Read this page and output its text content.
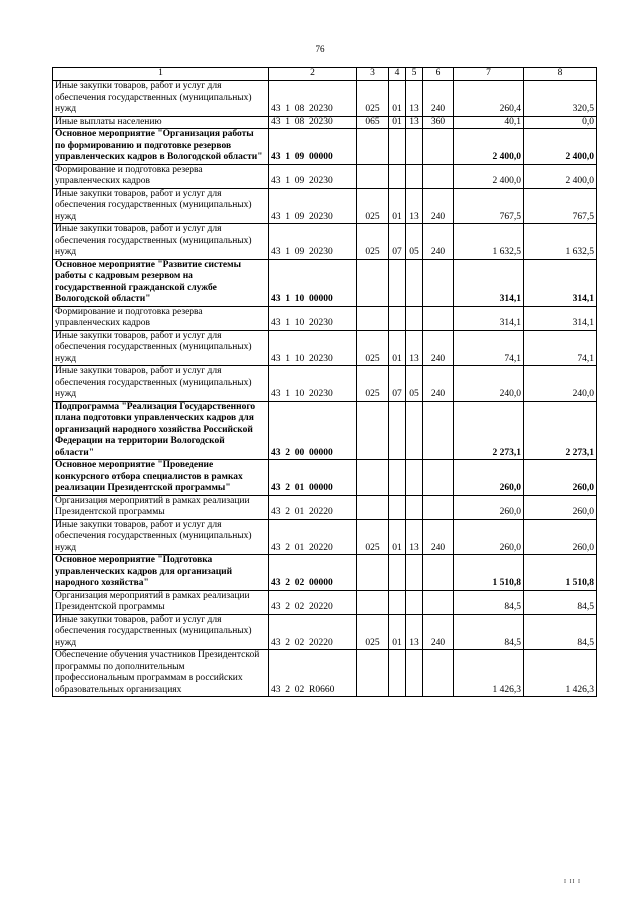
76
1	2	3	4	5	6	7	8
Иные закупки товаров, работ и услуг для обеспечения государственных (муниципальных) нужд	43  1  08  20230	025	01	13	240	260,4	320,5
Иные выплаты населению	43  1  08  20230	065	01	13	360	40,1	0,0
Основное мероприятие "Организация работы по формированию и подготовке резервов управленческих кадров в Вологодской области"	43  1  09  00000					2 400,0	2 400,0
Формирование и подготовка резерва управленческих кадров	43  1  09  20230					2 400,0	2 400,0
Иные закупки товаров, работ и услуг для обеспечения государственных (муниципальных) нужд	43  1  09  20230	025	01	13	240	767,5	767,5
Иные закупки товаров, работ и услуг для обеспечения государственных (муниципальных) нужд	43  1  09  20230	025	07	05	240	1 632,5	1 632,5
Основное мероприятие "Развитие системы работы с кадровым резервом на государственной гражданской службе Вологодской области"	43  1  10  00000					314,1	314,1
Формирование и подготовка резерва управленческих кадров	43  1  10  20230					314,1	314,1
Иные закупки товаров, работ и услуг для обеспечения государственных (муниципальных) нужд	43  1  10  20230	025	01	13	240	74,1	74,1
Иные закупки товаров, работ и услуг для обеспечения государственных (муниципальных) нужд	43  1  10  20230	025	07	05	240	240,0	240,0
Подпрограмма "Реализация Государственного плана подготовки управленческих кадров для организаций народного хозяйства Российской Федерации на территории Вологодской области"	43  2  00  00000					2 273,1	2 273,1
Основное мероприятие "Проведение конкурсного отбора специалистов в рамках реализации Президентской программы"	43  2  01  00000					260,0	260,0
Организация мероприятий в рамках реализации Президентской программы	43  2  01  20220					260,0	260,0
Иные закупки товаров, работ и услуг для обеспечения государственных (муниципальных) нужд	43  2  01  20220	025	01	13	240	260,0	260,0
Основное мероприятие "Подготовка управленческих кадров для организаций народного хозяйства"	43  2  02  00000					1 510,8	1 510,8
Организация мероприятий в рамках реализации Президентской программы	43  2  02  20220					84,5	84,5
Иные закупки товаров, работ и услуг для обеспечения государственных (муниципальных) нужд	43  2  02  20220	025	01	13	240	84,5	84,5
Обеспечение обучения участников Президентской программы по дополнительным профессиональным программам в российских образовательных организациях	43  2  02  R0660					1 426,3	1 426,3
I II I
